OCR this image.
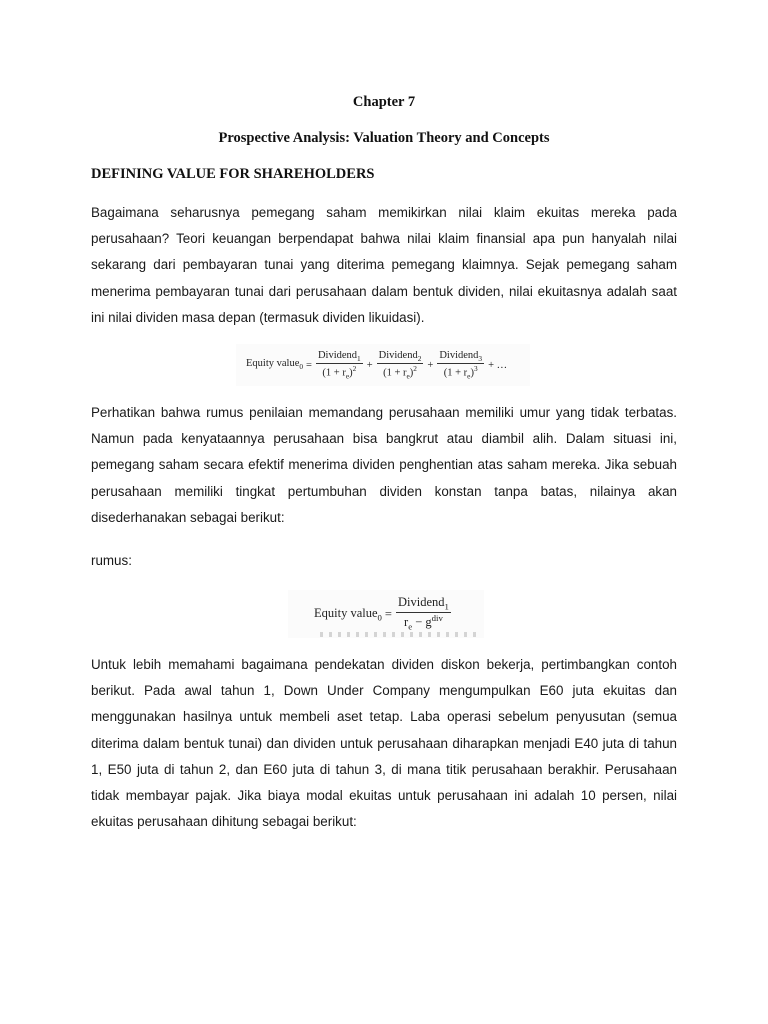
Chapter 7
Prospective Analysis: Valuation Theory and Concepts
DEFINING VALUE FOR SHAREHOLDERS

Bagaimana seharusnya pemegang saham memikirkan nilai klaim ekuitas mereka pada perusahaan? Teori keuangan berpendapat bahwa nilai klaim finansial apa pun hanyalah nilai sekarang dari pembayaran tunai yang diterima pemegang klaimnya. Sejak pemegang saham menerima pembayaran tunai dari perusahaan dalam bentuk dividen, nilai ekuitasnya adalah saat ini nilai dividen masa depan (termasuk dividen likuidasi).

Equity value$_0$ = $\frac{Dividend_1}{(1 + r_e)^2} + \frac{Dividend_2}{(1 + r_e)^2} + \frac{Dividend_3}{(1 + r_e)^3}$ + …

Perhatikan bahwa rumus penilaian memandang perusahaan memiliki umur yang tidak terbatas. Namun pada kenyataannya perusahaan bisa bangkrut atau diambil alih. Dalam situasi ini, pemegang saham secara efektif menerima dividen penghentian atas saham mereka. Jika sebuah perusahaan memiliki tingkat pertumbuhan dividen konstan tanpa batas, nilainya akan disederhanakan sebagai berikut:

rumus:

Equity value$_0$ = $\frac{Dividend_1}{r_e - g^{div}}$

Untuk lebih memahami bagaimana pendekatan dividen diskon bekerja, pertimbangkan contoh berikut. Pada awal tahun 1, Down Under Company mengumpulkan E60 juta ekuitas dan menggunakan hasilnya untuk membeli aset tetap. Laba operasi sebelum penyusutan (semua diterima dalam bentuk tunai) dan dividen untuk perusahaan diharapkan menjadi E40 juta di tahun 1, E50 juta di tahun 2, dan E60 juta di tahun 3, di mana titik perusahaan berakhir. Perusahaan tidak membayar pajak. Jika biaya modal ekuitas untuk perusahaan ini adalah 10 persen, nilai ekuitas perusahaan dihitung sebagai berikut:
